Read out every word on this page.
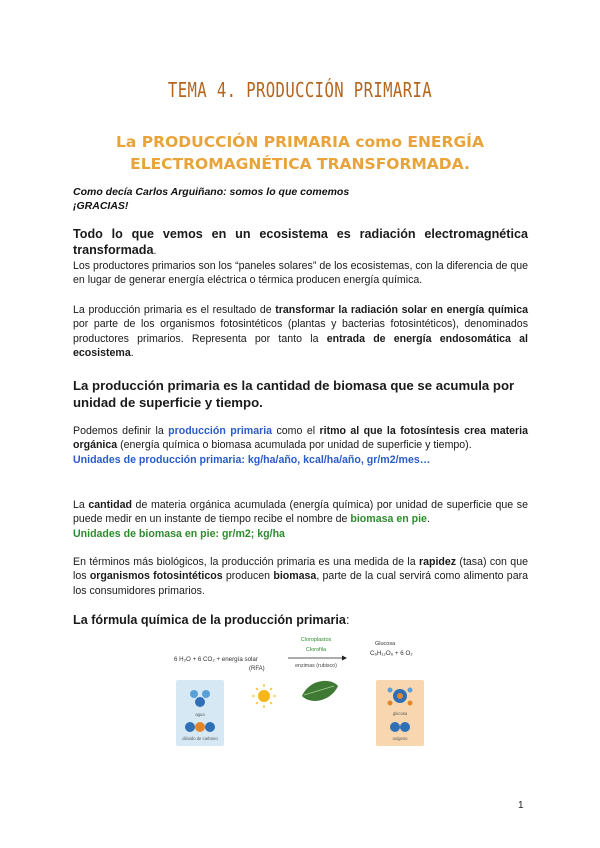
TEMA 4. PRODUCCIÓN PRIMARIA
La PRODUCCIÓN PRIMARIA como ENERGÍA
ELECTROMAGNÉTICA TRANSFORMADA.
Como decía Carlos Arguiñano: somos lo que comemos
¡GRACIAS!
Todo lo que vemos en un ecosistema es radiación electromagnética
transformada.
Los productores primarios son los “paneles solares” de los ecosistemas, con la diferencia de que en lugar de generar energía eléctrica o térmica producen energía química.
La producción primaria es el resultado de transformar la radiación solar en energía química por parte de los organismos fotosintéticos (plantas y bacterias fotosintéticos), denominados productores primarios. Representa por tanto la entrada de energía endosomática al ecosistema.
La producción primaria es la cantidad de biomasa que se acumula por unidad de superficie y tiempo.
Podemos definir la producción primaria como el ritmo al que la fotosíntesis crea materia orgánica (energía química o biomasa acumulada por unidad de superficie y tiempo).
Unidades de producción primaria: kg/ha/año, kcal/ha/año, gr/m2/mes…
La cantidad de materia orgánica acumulada (energía química) por unidad de superficie que se puede medir en un instante de tiempo recibe el nombre de biomasa en pie.
Unidades de biomasa en pie: gr/m2; kg/ha
En términos más biológicos, la producción primaria es una medida de la rapidez (tasa) con que los organismos fotosintéticos producen biomasa, parte de la cual servirá como alimento para los consumidores primarios.
La fórmula química de la producción primaria:
6 H₂O + 6 CO₂ + energía solar
(RFA)
Cloroplastos
Clorofila
enzimas (rubisco)
Glucosa
C₆H₁₂O₆ + 6 O₂
agua
dióxido de carbono
glucosa
oxígeno
1
